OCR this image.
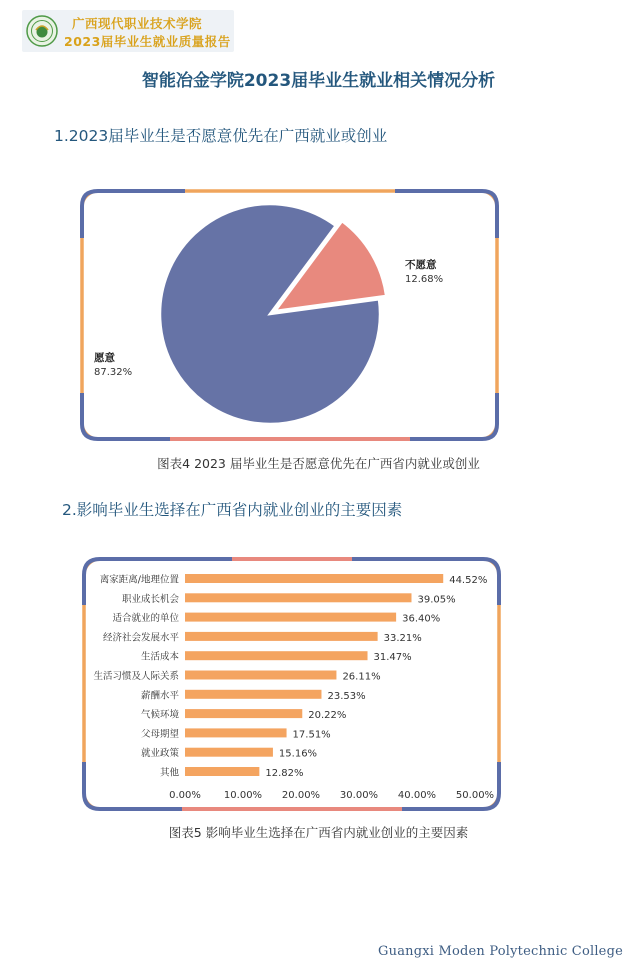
广西现代职业技术学院
2023届毕业生就业质量报告
智能冶金学院2023届毕业生就业相关情况分析
1.2023届毕业生是否愿意优先在广西就业或创业
不愿意
12.68%
愿意
87.32%
图表4 2023 届毕业生是否愿意优先在广西省内就业或创业
2.影响毕业生选择在广西省内就业创业的主要因素
离家距离/地理位置	44.52%
职业成长机会	39.05%
适合就业的单位	36.40%
经济社会发展水平	33.21%
生活成本	31.47%
生活习惯及人际关系	26.11%
薪酬水平	23.53%
气候环境	20.22%
父母期望	17.51%
就业政策	15.16%
其他	12.82%
0.00% 10.00% 20.00% 30.00% 40.00% 50.00%
图表5 影响毕业生选择在广西省内就业创业的主要因素
Guangxi Moden Polytechnic College
